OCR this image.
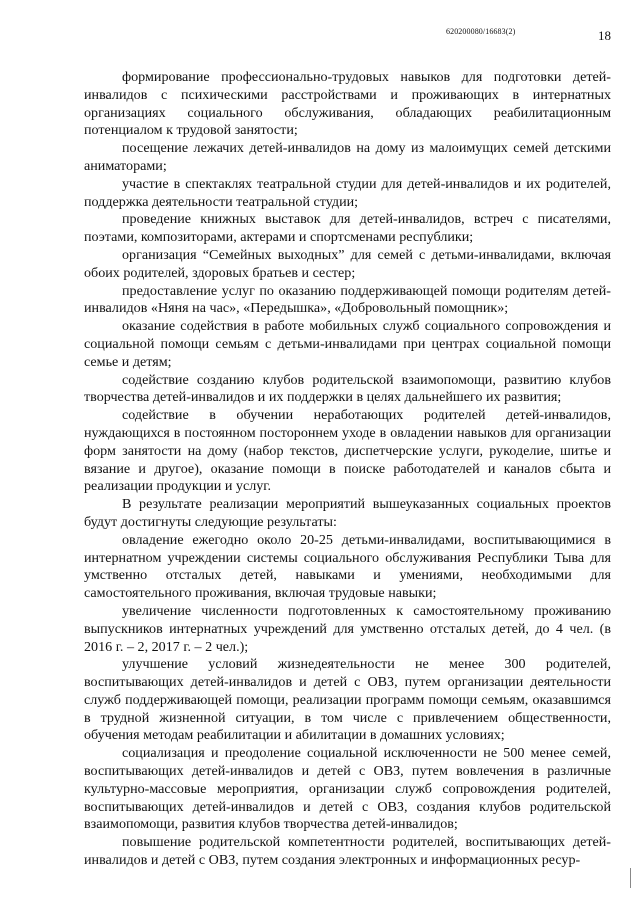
620200080/16683(2)	18

формирование профессионально-трудовых навыков для подготовки детей-инвалидов с психическими расстройствами и проживающих в интернатных организациях социального обслуживания, обладающих реабилитационным потенциалом к трудовой занятости;

посещение лежачих детей-инвалидов на дому из малоимущих семей детскими аниматорами;

участие в спектаклях театральной студии для детей-инвалидов и их родителей, поддержка деятельности театральной студии;

проведение книжных выставок для детей-инвалидов, встреч с писателями, поэтами, композиторами, актерами и спортсменами республики;

организация “Семейных выходных” для семей с детьми-инвалидами, включая обоих родителей, здоровых братьев и сестер;

предоставление услуг по оказанию поддерживающей помощи родителям детей-инвалидов «Няня на час», «Передышка», «Добровольный помощник»;

оказание содействия в работе мобильных служб социального сопровождения и социальной помощи семьям с детьми-инвалидами при центрах социальной помощи семье и детям;

содействие созданию клубов родительской взаимопомощи, развитию клубов творчества детей-инвалидов и их поддержки в целях дальнейшего их развития;

содействие в обучении неработающих родителей детей-инвалидов, нуждающихся в постоянном постороннем уходе в овладении навыков для организации форм занятости на дому (набор текстов, диспетчерские услуги, рукоделие, шитье и вязание и другое), оказание помощи в поиске работодателей и каналов сбыта и реализации продукции и услуг.

В результате реализации мероприятий вышеуказанных социальных проектов будут достигнуты следующие результаты:

овладение ежегодно около 20-25 детьми-инвалидами, воспитывающимися в интернатном учреждении системы социального обслуживания Республики Тыва для умственно отсталых детей, навыками и умениями, необходимыми для самостоятельного проживания, включая трудовые навыки;

увеличение численности подготовленных к самостоятельному проживанию выпускников интернатных учреждений для умственно отсталых детей, до 4 чел. (в 2016 г. – 2, 2017 г. – 2 чел.);

улучшение условий жизнедеятельности не менее 300 родителей, воспитывающих детей-инвалидов и детей с ОВЗ, путем организации деятельности служб поддерживающей помощи, реализации программ помощи семьям, оказавшимся в трудной жизненной ситуации, в том числе с привлечением общественности, обучения методам реабилитации и абилитации в домашних условиях;

социализация и преодоление социальной исключенности не 500 менее семей, воспитывающих детей-инвалидов и детей с ОВЗ, путем вовлечения в различные культурно-массовые мероприятия, организации служб сопровождения родителей, воспитывающих детей-инвалидов и детей с ОВЗ, создания клубов родительской взаимопомощи, развития клубов творчества детей-инвалидов;

повышение родительской компетентности родителей, воспитывающих детей-инвалидов и детей с ОВЗ, путем создания электронных и информационных ресур-
